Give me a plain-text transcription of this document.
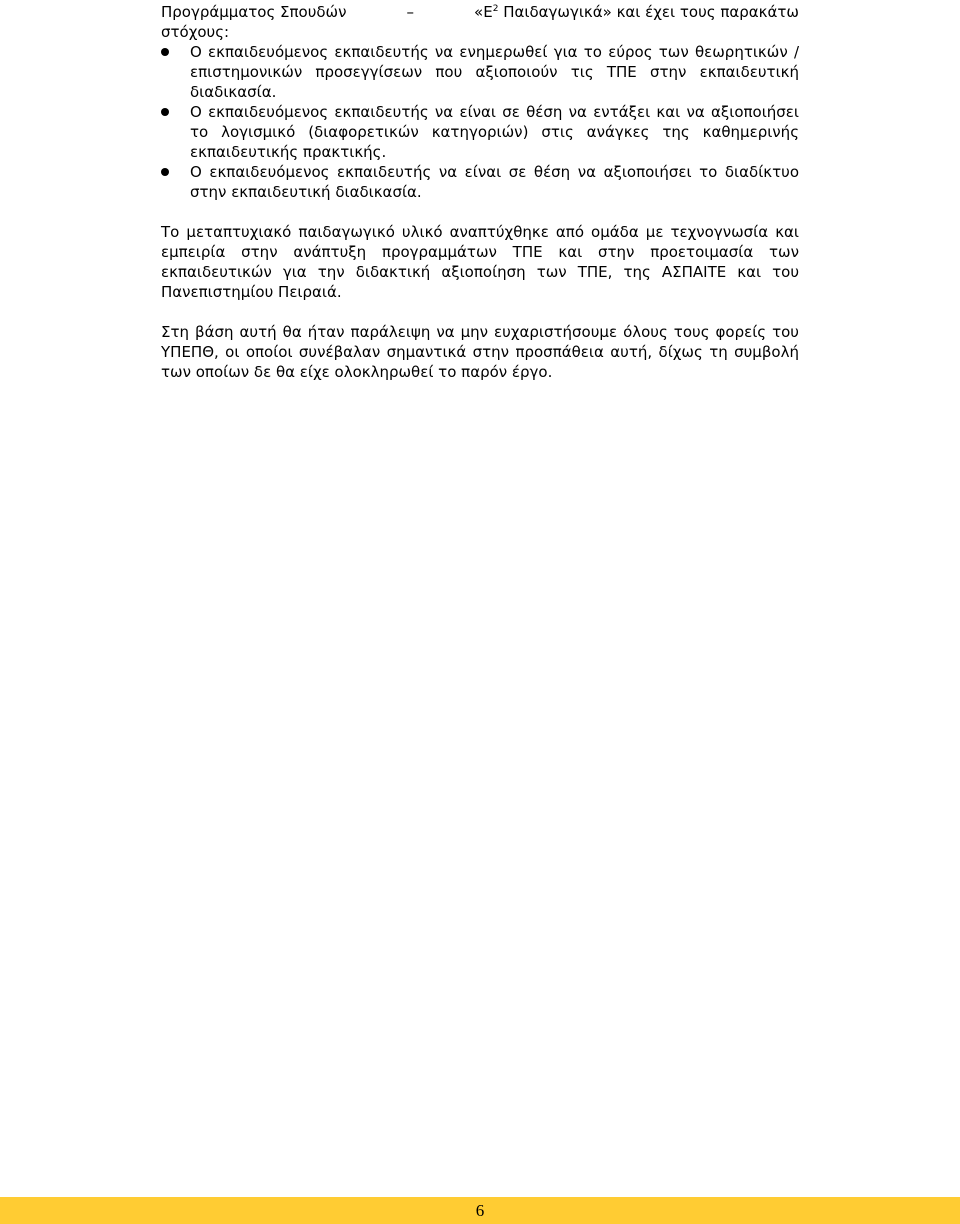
Προγράμματος Σπουδών	–	«$E^2$ Παιδαγωγικά» και έχει τους παρακάτω
στόχους:
Ο εκπαιδευόμενος εκπαιδευτής να ενημερωθεί για το εύρος των θεωρητικών / επιστημονικών προσεγγίσεων που αξιοποιούν τις ΤΠΕ στην εκπαιδευτική διαδικασία.
Ο εκπαιδευόμενος εκπαιδευτής να είναι σε θέση να εντάξει και να αξιοποιήσει το λογισμικό (διαφορετικών κατηγοριών) στις ανάγκες της καθημερινής εκπαιδευτικής πρακτικής.
Ο εκπαιδευόμενος εκπαιδευτής να είναι σε θέση να αξιοποιήσει το διαδίκτυο στην εκπαιδευτική διαδικασία.

Το μεταπτυχιακό παιδαγωγικό υλικό αναπτύχθηκε από ομάδα με τεχνογνωσία και εμπειρία στην ανάπτυξη προγραμμάτων ΤΠΕ και στην προετοιμασία των εκπαιδευτικών για την διδακτική αξιοποίηση των ΤΠΕ, της ΑΣΠΑΙΤΕ και του Πανεπιστημίου Πειραιά.

Στη βάση αυτή θα ήταν παράλειψη να μην ευχαριστήσουμε όλους τους φορείς του ΥΠΕΠΘ, οι οποίοι συνέβαλαν σημαντικά στην προσπάθεια αυτή, δίχως τη συμβολή των οποίων δε θα είχε ολοκληρωθεί το παρόν έργο.

6
